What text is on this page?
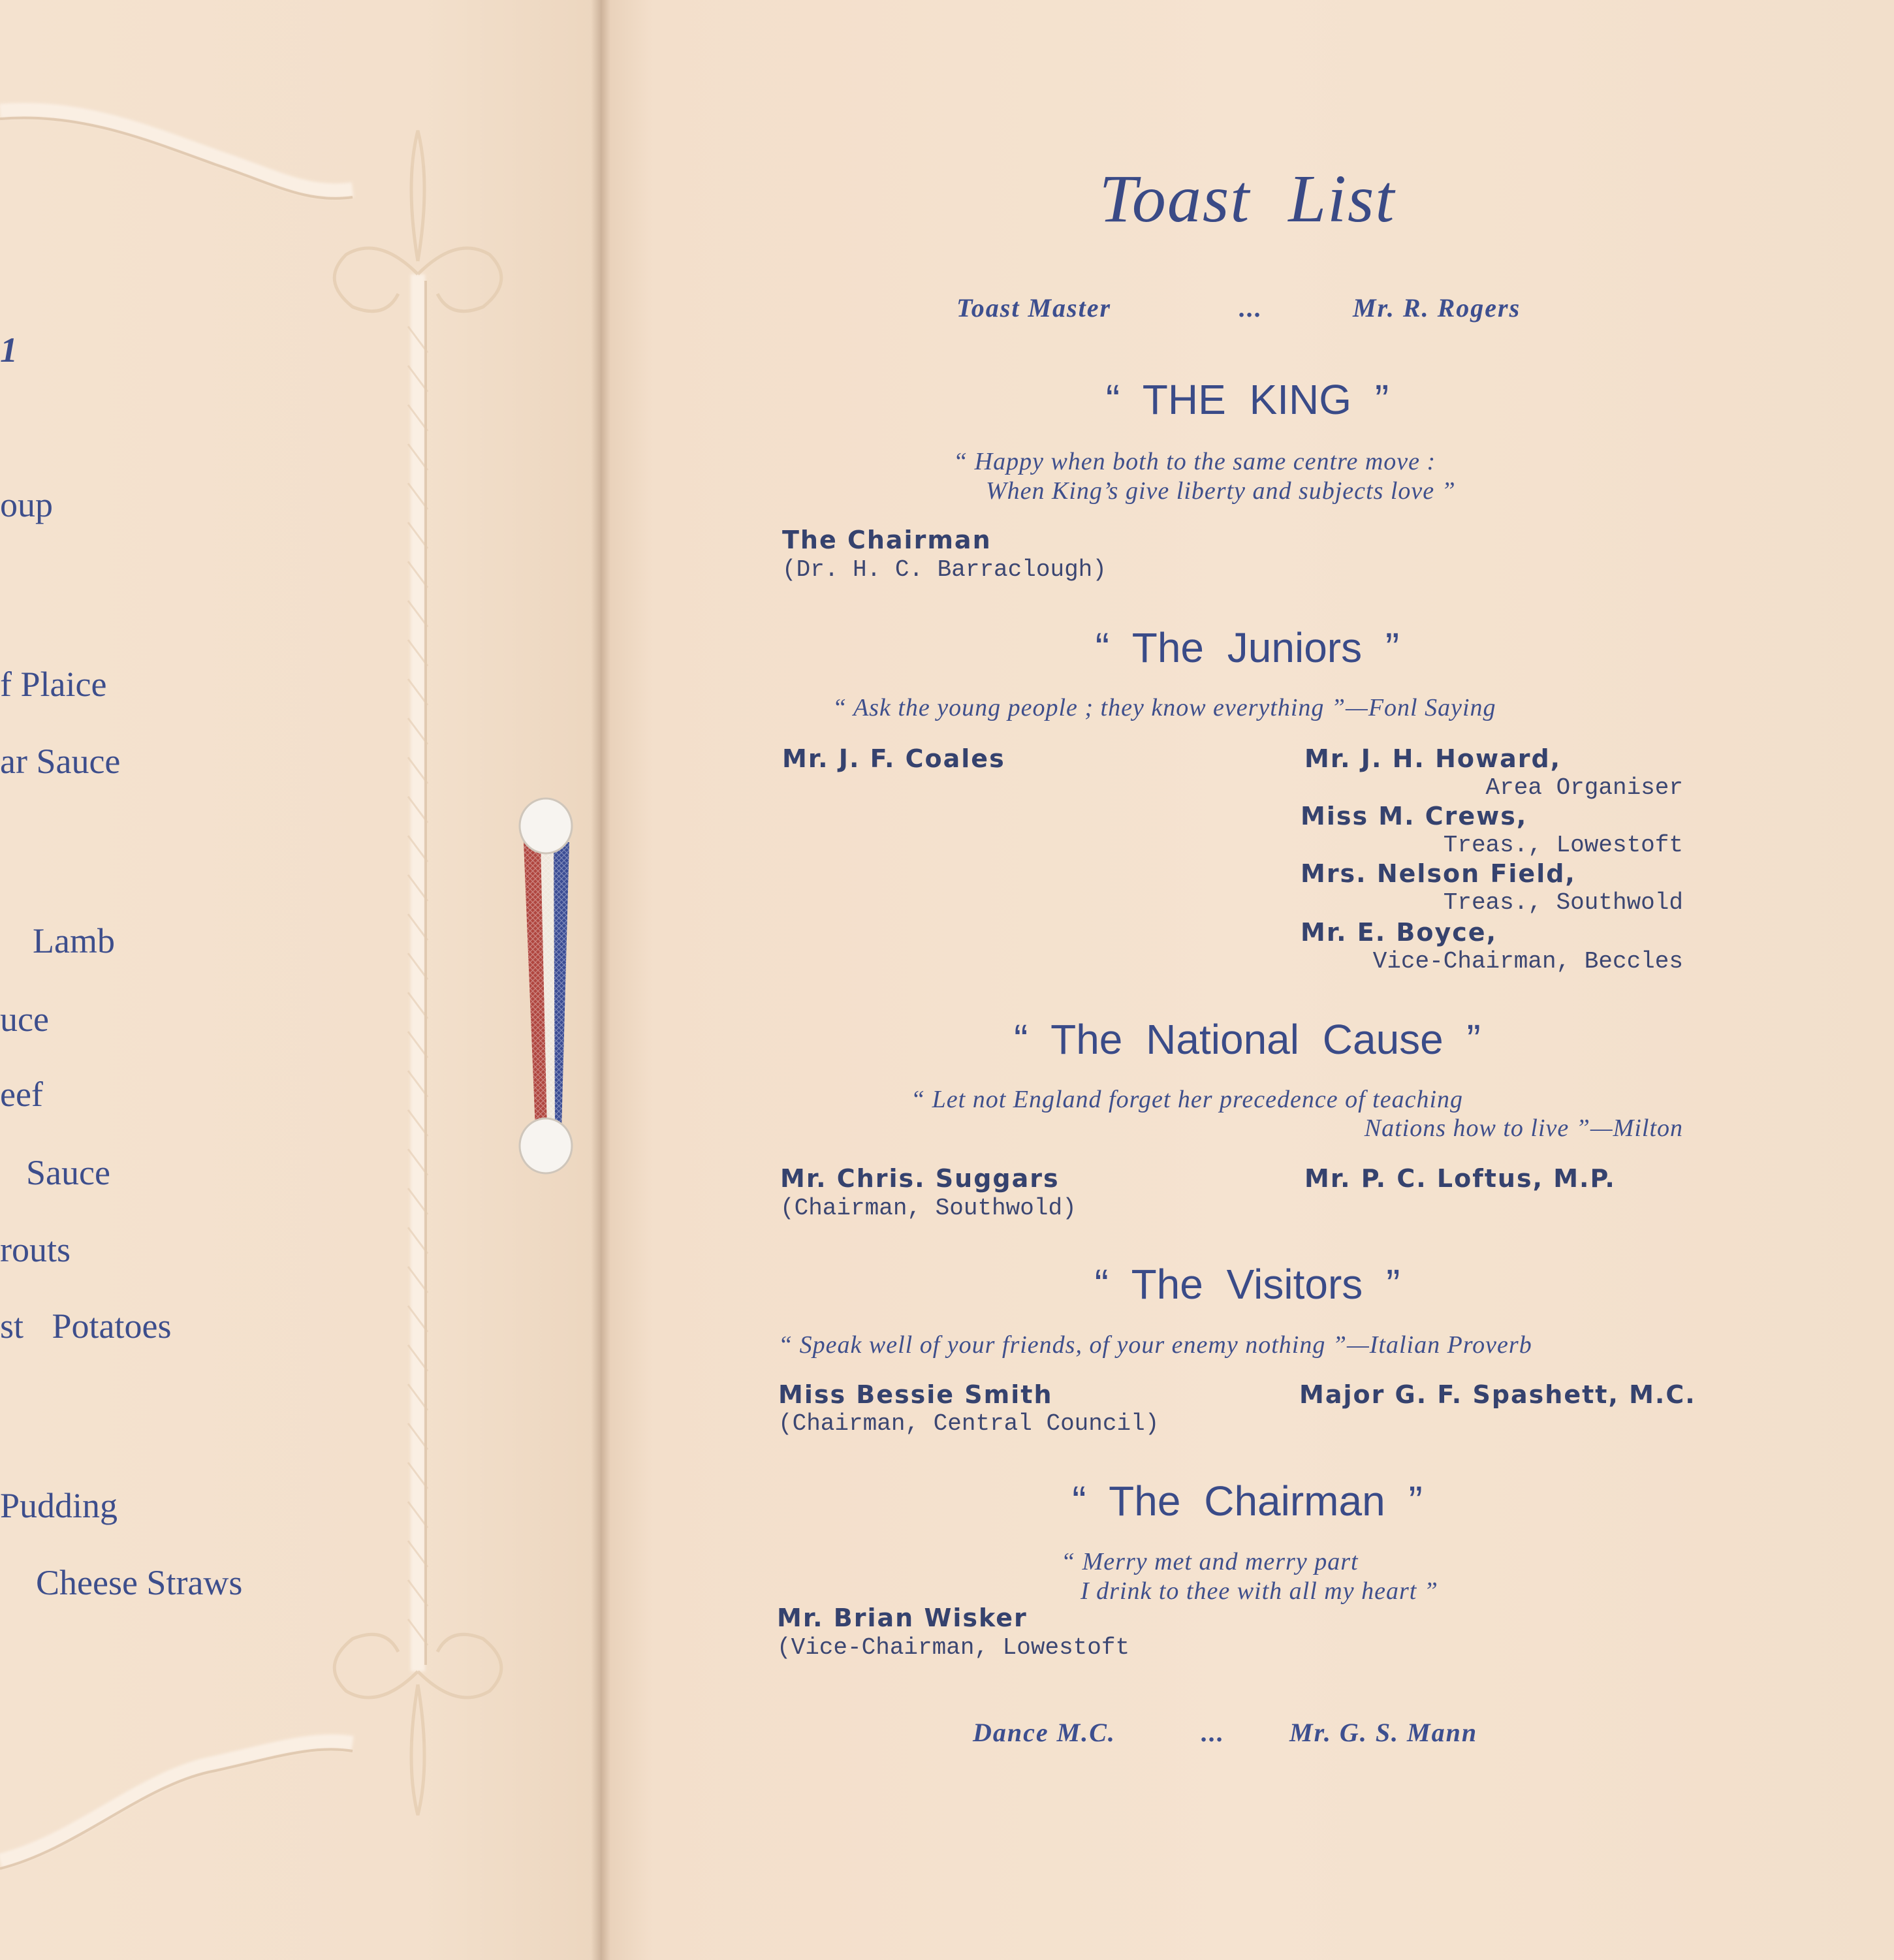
1
oup
f Plaice
ar Sauce
Lamb
uce
eef
Sauce
routs
st Potatoes
Pudding
Cheese Straws
Toast List
Toast Master	...	Mr. R. Rogers
“ THE KING ”
“ Happy when both to the same centre move :
When King’s give liberty and subjects love ”
The Chairman
(Dr. H. C. Barraclough)
“ The Juniors ”
“ Ask the young people ; they know everything ”—Fonl Saying
Mr. J. F. Coales	Mr. J. H. Howard,
Area Organiser
Miss M. Crews,
Treas., Lowestoft
Mrs. Nelson Field,
Treas., Southwold
Mr. E. Boyce,
Vice-Chairman, Beccles
“ The National Cause ”
“ Let not England forget her precedence of teaching
Nations how to live ”—Milton
Mr. Chris. Suggars
(Chairman, Southwold)
Mr. P. C. Loftus, M.P.
“ The Visitors ”
“ Speak well of your friends, of your enemy nothing ”—Italian Proverb
Miss Bessie Smith
(Chairman, Central Council)
Major G. F. Spashett, M.C.
“ The Chairman ”
“ Merry met and merry part
I drink to thee with all my heart ”
Mr. Brian Wisker
(Vice-Chairman, Lowestoft
Dance M.C.	... Mr. G. S. Mann
